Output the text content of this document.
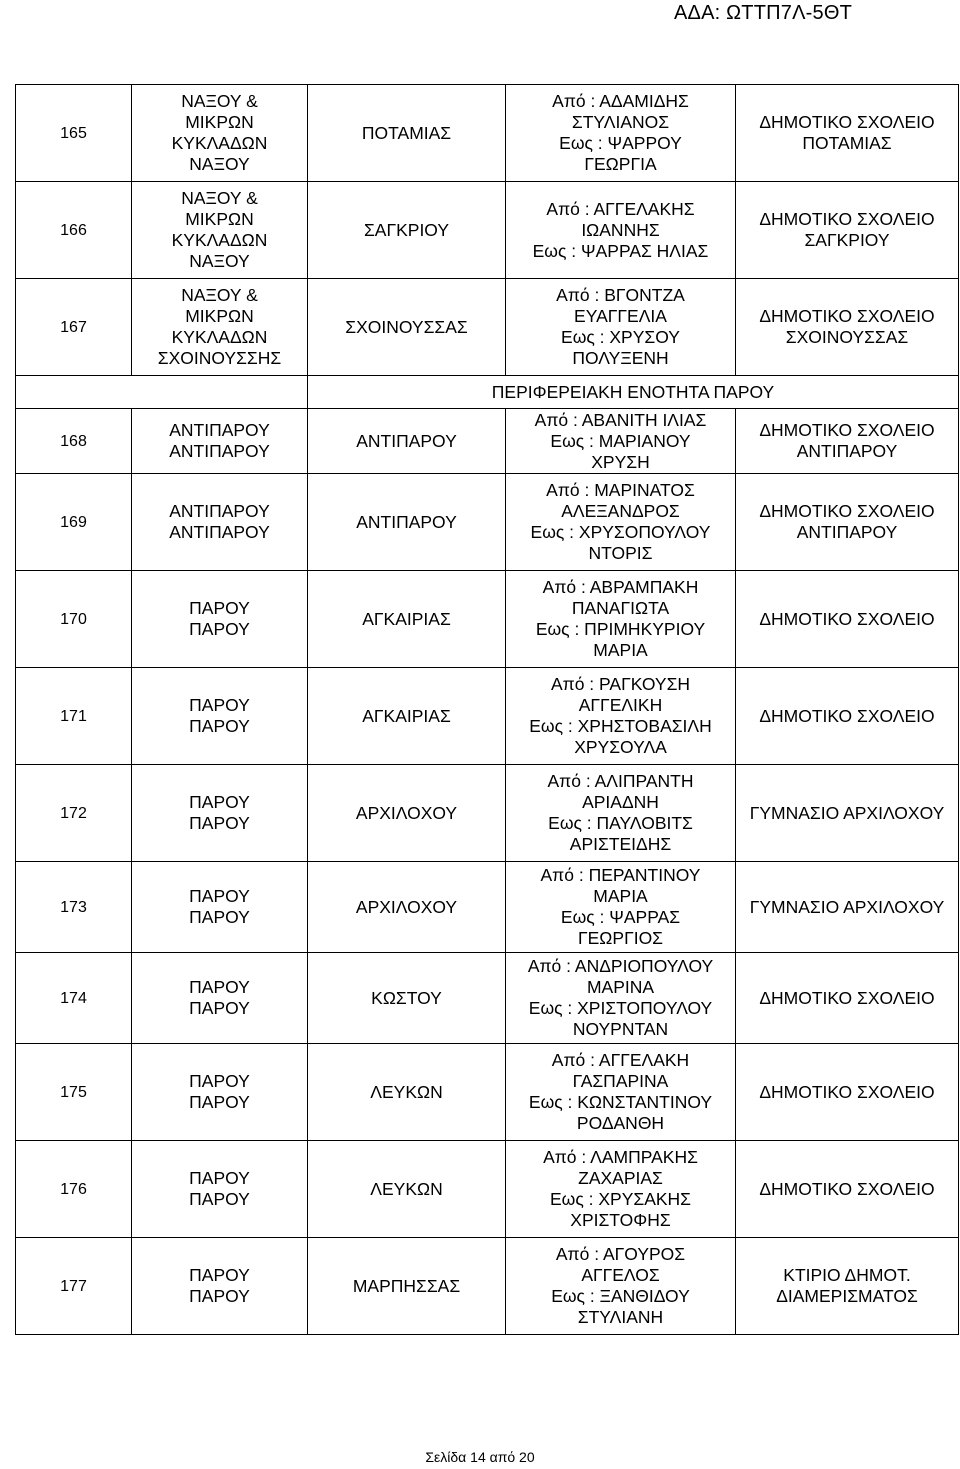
ΑΔΑ: ΩΤΤΠ7Λ-5ΘΤ
165	ΝΑΞΟΥ &
ΜΙΚΡΩΝ
ΚΥΚΛΑΔΩΝ
ΝΑΞΟΥ	ΠΟΤΑΜΙΑΣ	Από : ΑΔΑΜΙΔΗΣ
ΣΤΥΛΙΑΝΟΣ
Εως : ΨΑΡΡΟΥ
ΓΕΩΡΓΙΑ	ΔΗΜΟΤΙΚΟ ΣΧΟΛΕΙΟ
ΠΟΤΑΜΙΑΣ

166	ΝΑΞΟΥ &
ΜΙΚΡΩΝ
ΚΥΚΛΑΔΩΝ
ΝΑΞΟΥ	ΣΑΓΚΡΙΟΥ	Από : ΑΓΓΕΛΑΚΗΣ
ΙΩΑΝΝΗΣ
Εως : ΨΑΡΡΑΣ ΗΛΙΑΣ	ΔΗΜΟΤΙΚΟ ΣΧΟΛΕΙΟ
ΣΑΓΚΡΙΟΥ

167	ΝΑΞΟΥ &
ΜΙΚΡΩΝ
ΚΥΚΛΑΔΩΝ
ΣΧΟΙΝΟΥΣΣΗΣ	ΣΧΟΙΝΟΥΣΣΑΣ	Από : ΒΓΟΝΤΖΑ
ΕΥΑΓΓΕΛΙΑ
Εως : ΧΡΥΣΟΥ
ΠΟΛΥΞΕΝΗ	ΔΗΜΟΤΙΚΟ ΣΧΟΛΕΙΟ
ΣΧΟΙΝΟΥΣΣΑΣ

		ΠΕΡΙΦΕΡΕΙΑΚΗ ΕΝΟΤΗΤΑ ΠΑΡΟΥ		
168	ΑΝΤΙΠΑΡΟΥ
ΑΝΤΙΠΑΡΟΥ	ΑΝΤΙΠΑΡΟΥ	Από : ΑΒΑΝΙΤΗ ΙΛΙΑΣ
Εως : ΜΑΡΙΑΝΟΥ
ΧΡΥΣΗ	ΔΗΜΟΤΙΚΟ ΣΧΟΛΕΙΟ
ΑΝΤΙΠΑΡΟΥ

169	ΑΝΤΙΠΑΡΟΥ
ΑΝΤΙΠΑΡΟΥ	ΑΝΤΙΠΑΡΟΥ	Από : ΜΑΡΙΝΑΤΟΣ
ΑΛΕΞΑΝΔΡΟΣ
Εως : ΧΡΥΣΟΠΟΥΛΟΥ
ΝΤΟΡΙΣ	ΔΗΜΟΤΙΚΟ ΣΧΟΛΕΙΟ
ΑΝΤΙΠΑΡΟΥ

170	ΠΑΡΟΥ
ΠΑΡΟΥ	ΑΓΚΑΙΡΙΑΣ	Από : ΑΒΡΑΜΠΑΚΗ
ΠΑΝΑΓΙΩΤΑ
Εως : ΠΡΙΜΗΚΥΡΙΟΥ
ΜΑΡΙΑ	ΔΗΜΟΤΙΚΟ ΣΧΟΛΕΙΟ

171	ΠΑΡΟΥ
ΠΑΡΟΥ	ΑΓΚΑΙΡΙΑΣ	Από : ΡΑΓΚΟΥΣΗ
ΑΓΓΕΛΙΚΗ
Εως : ΧΡΗΣΤΟΒΑΣΙΛΗ
ΧΡΥΣΟΥΛΑ	ΔΗΜΟΤΙΚΟ ΣΧΟΛΕΙΟ

172	ΠΑΡΟΥ
ΠΑΡΟΥ	ΑΡΧΙΛΟΧΟΥ	Από : ΑΛΙΠΡΑΝΤΗ
ΑΡΙΑΔΝΗ
Εως : ΠΑΥΛΟΒΙΤΣ
ΑΡΙΣΤΕΙΔΗΣ	ΓΥΜΝΑΣΙΟ ΑΡΧΙΛΟΧΟΥ

173	ΠΑΡΟΥ
ΠΑΡΟΥ	ΑΡΧΙΛΟΧΟΥ	Από : ΠΕΡΑΝΤΙΝΟΥ
ΜΑΡΙΑ
Εως : ΨΑΡΡΑΣ
ΓΕΩΡΓΙΟΣ	ΓΥΜΝΑΣΙΟ ΑΡΧΙΛΟΧΟΥ

174	ΠΑΡΟΥ
ΠΑΡΟΥ	ΚΩΣΤΟΥ	Από : ΑΝΔΡΙΟΠΟΥΛΟΥ
ΜΑΡΙΝΑ
Εως : ΧΡΙΣΤΟΠΟΥΛΟΥ
ΝΟΥΡΝΤΑΝ	ΔΗΜΟΤΙΚΟ ΣΧΟΛΕΙΟ

175	ΠΑΡΟΥ
ΠΑΡΟΥ	ΛΕΥΚΩΝ	Από : ΑΓΓΕΛΑΚΗ
ΓΑΣΠΑΡΙΝΑ
Εως : ΚΩΝΣΤΑΝΤΙΝΟΥ
ΡΟΔΑΝΘΗ	ΔΗΜΟΤΙΚΟ ΣΧΟΛΕΙΟ

176	ΠΑΡΟΥ
ΠΑΡΟΥ	ΛΕΥΚΩΝ	Από : ΛΑΜΠΡΑΚΗΣ
ΖΑΧΑΡΙΑΣ
Εως : ΧΡΥΣΑΚΗΣ
ΧΡΙΣΤΟΦΗΣ	ΔΗΜΟΤΙΚΟ ΣΧΟΛΕΙΟ

177	ΠΑΡΟΥ
ΠΑΡΟΥ	ΜΑΡΠΗΣΣΑΣ	Από : ΑΓΟΥΡΟΣ
ΑΓΓΕΛΟΣ
Εως : ΞΑΝΘΙΔΟΥ
ΣΤΥΛΙΑΝΗ	ΚΤΙΡΙΟ ΔΗΜΟΤ.
ΔΙΑΜΕΡΙΣΜΑΤΟΣ
Σελίδα 14 από 20
